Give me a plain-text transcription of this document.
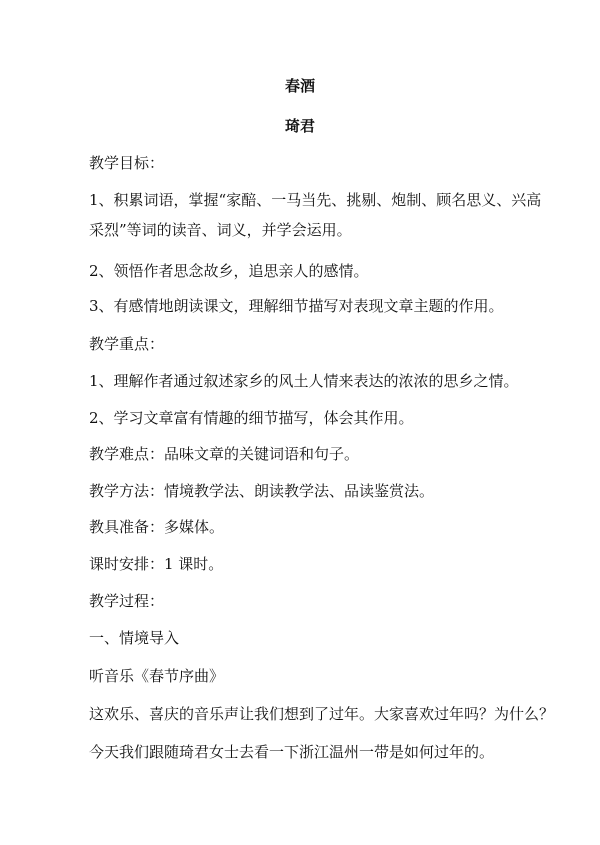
春酒
琦君
教学目标：
1、积累词语，掌握“家醅、一马当先、挑剔、炮制、顾名思义、兴高
采烈”等词的读音、词义，并学会运用。
2、领悟作者思念故乡，追思亲人的感情。
3、有感情地朗读课文，理解细节描写对表现文章主题的作用。
教学重点：
1、理解作者通过叙述家乡的风土人情来表达的浓浓的思乡之情。
2、学习文章富有情趣的细节描写，体会其作用。
教学难点：品味文章的关键词语和句子。
教学方法：情境教学法、朗读教学法、品读鉴赏法。
教具准备：多媒体。
课时安排：1 课时。
教学过程：
一、情境导入
听音乐《春节序曲》
这欢乐、喜庆的音乐声让我们想到了过年。大家喜欢过年吗？为什么？
今天我们跟随琦君女士去看一下浙江温州一带是如何过年的。
